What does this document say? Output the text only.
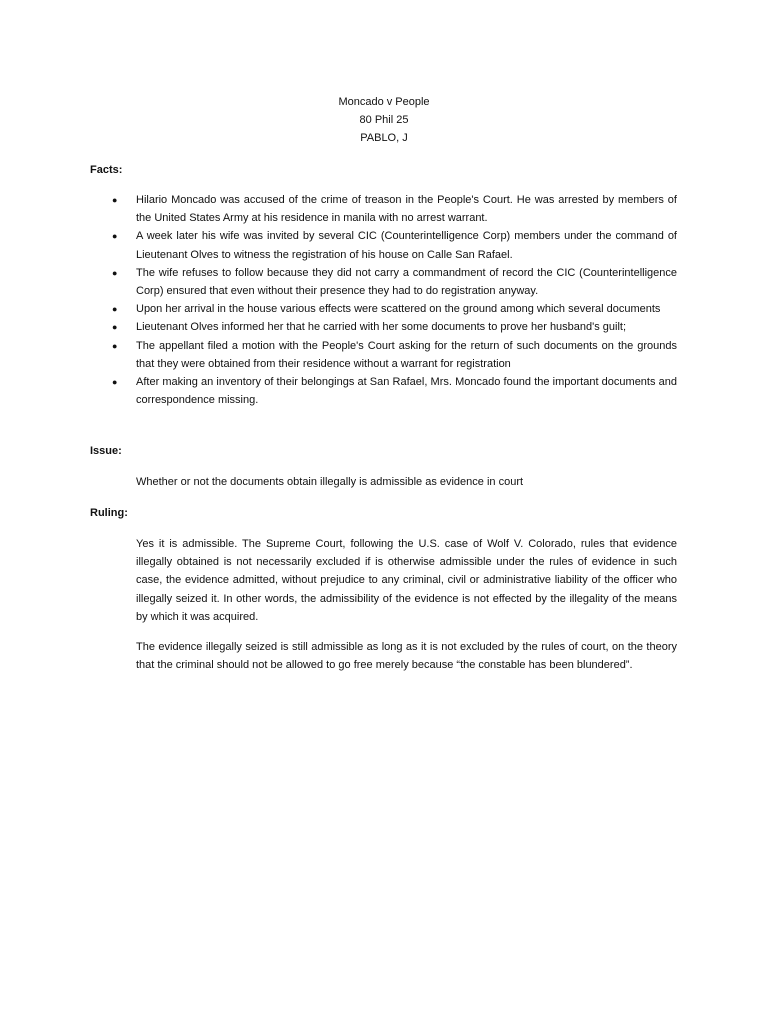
Moncado v People
80 Phil 25
PABLO, J
Facts:
● Hilario Moncado was accused of the crime of treason in the People's Court. He was arrested by members of the United States Army at his residence in manila with no arrest warrant.
● A week later his wife was invited by several CIC (Counterintelligence Corp) members under the command of Lieutenant Olves to witness the registration of his house on Calle San Rafael.
● The wife refuses to follow because they did not carry a commandment of record the CIC (Counterintelligence Corp) ensured that even without their presence they had to do registration anyway.
● Upon her arrival in the house various effects were scattered on the ground among which several documents
● Lieutenant Olves informed her that he carried with her some documents to prove her husband's guilt;
● The appellant filed a motion with the People's Court asking for the return of such documents on the grounds that they were obtained from their residence without a warrant for registration
● After making an inventory of their belongings at San Rafael, Mrs. Moncado found the important documents and correspondence missing.
Issue:
Whether or not the documents obtain illegally is admissible as evidence in court
Ruling:

Yes it is admissible. The Supreme Court, following the U.S. case of Wolf V. Colorado, rules that evidence illegally obtained is not necessarily excluded if is otherwise admissible under the rules of evidence in such case, the evidence admitted, without prejudice to any criminal, civil or administrative liability of the officer who illegally seized it. In other words, the admissibility of the evidence is not effected by the illegality of the means by which it was acquired.

The evidence illegally seized is still admissible as long as it is not excluded by the rules of court, on the theory that the criminal should not be allowed to go free merely because “the constable has been blundered”.
